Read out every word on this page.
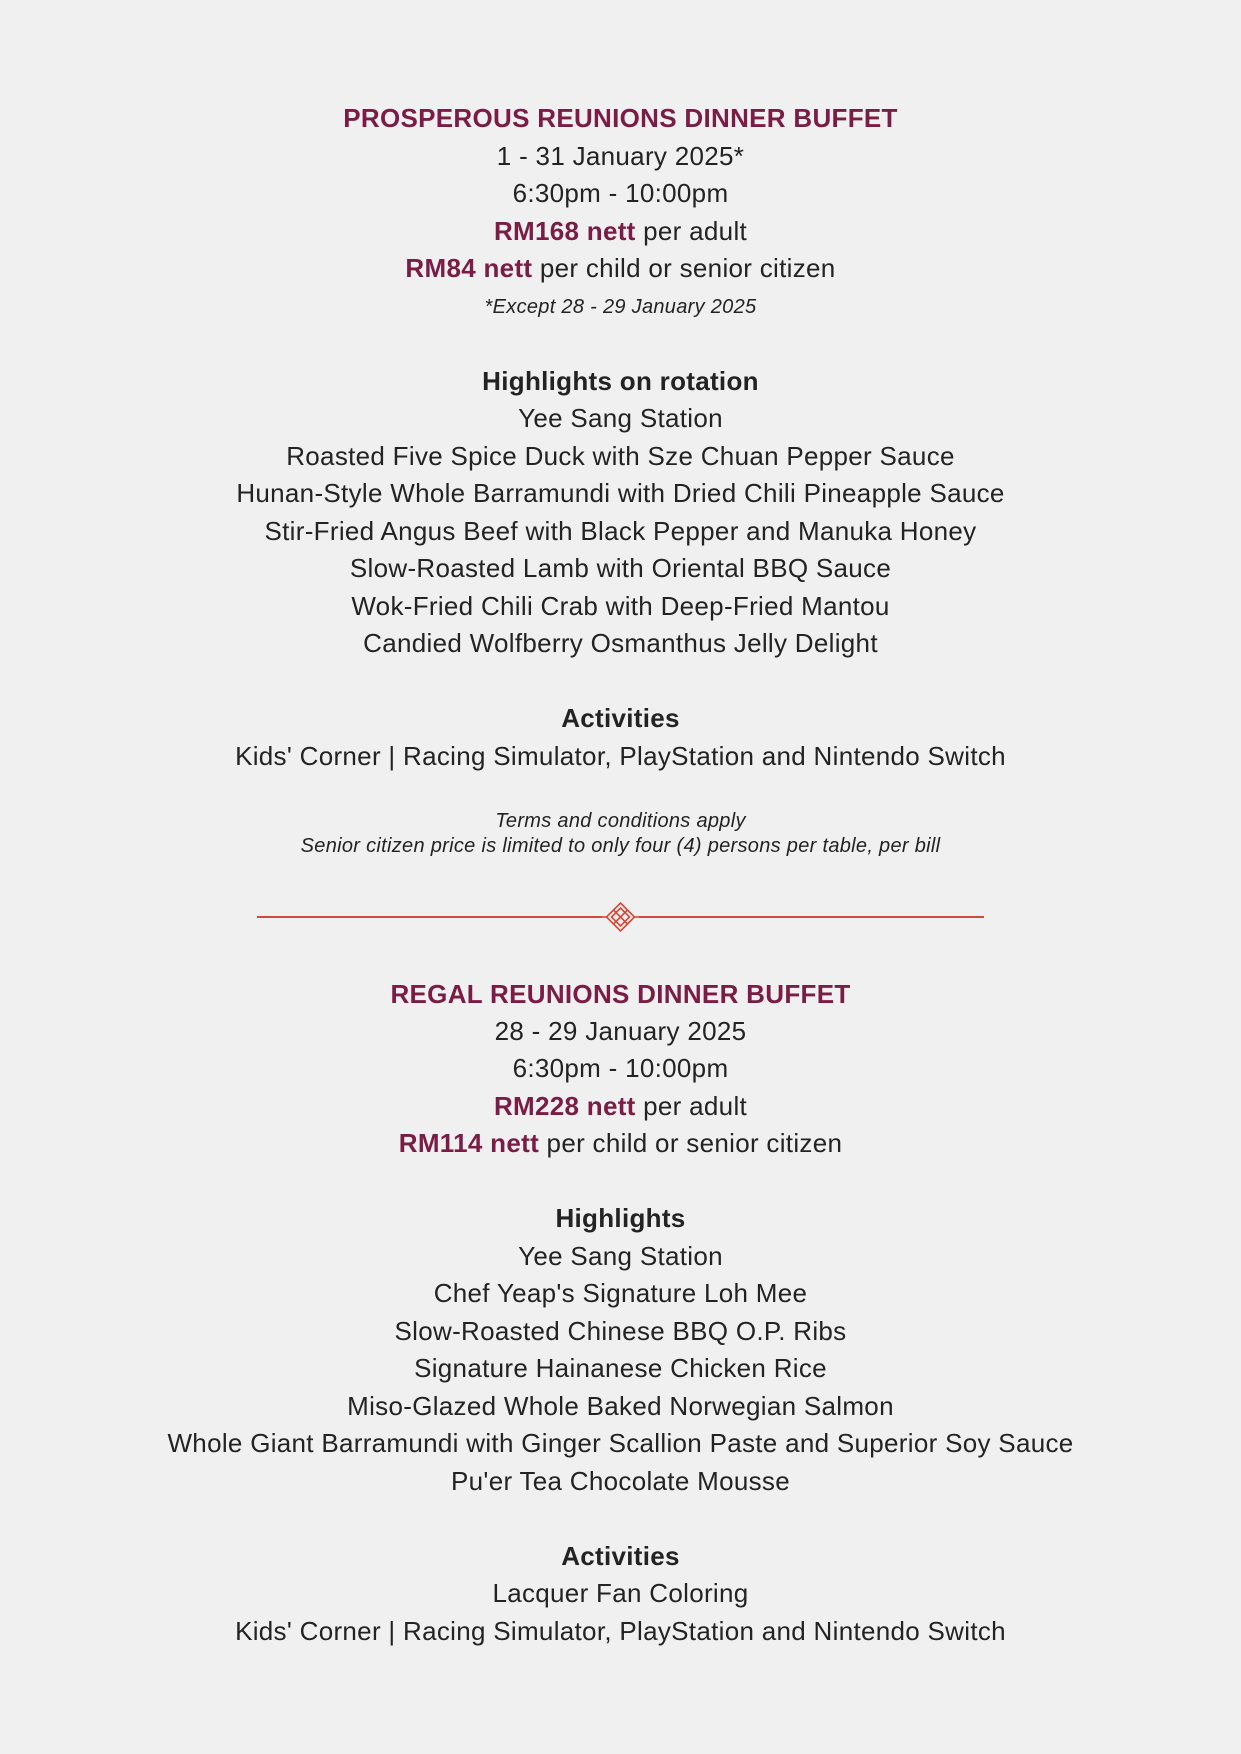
PROSPEROUS REUNIONS DINNER BUFFET
1 - 31 January 2025*
6:30pm - 10:00pm
RM168 nett per adult
RM84 nett per child or senior citizen
*Except 28 - 29 January 2025
Highlights on rotation
Yee Sang Station
Roasted Five Spice Duck with Sze Chuan Pepper Sauce
Hunan-Style Whole Barramundi with Dried Chili Pineapple Sauce
Stir-Fried Angus Beef with Black Pepper and Manuka Honey
Slow-Roasted Lamb with Oriental BBQ Sauce
Wok-Fried Chili Crab with Deep-Fried Mantou
Candied Wolfberry Osmanthus Jelly Delight
Activities
Kids' Corner | Racing Simulator, PlayStation and Nintendo Switch
Terms and conditions apply
Senior citizen price is limited to only four (4) persons per table, per bill
REGAL REUNIONS DINNER BUFFET
28 - 29 January 2025
6:30pm - 10:00pm
RM228 nett per adult
RM114 nett per child or senior citizen
Highlights
Yee Sang Station
Chef Yeap's Signature Loh Mee
Slow-Roasted Chinese BBQ O.P. Ribs
Signature Hainanese Chicken Rice
Miso-Glazed Whole Baked Norwegian Salmon
Whole Giant Barramundi with Ginger Scallion Paste and Superior Soy Sauce
Pu'er Tea Chocolate Mousse
Activities
Lacquer Fan Coloring
Kids' Corner | Racing Simulator, PlayStation and Nintendo Switch
